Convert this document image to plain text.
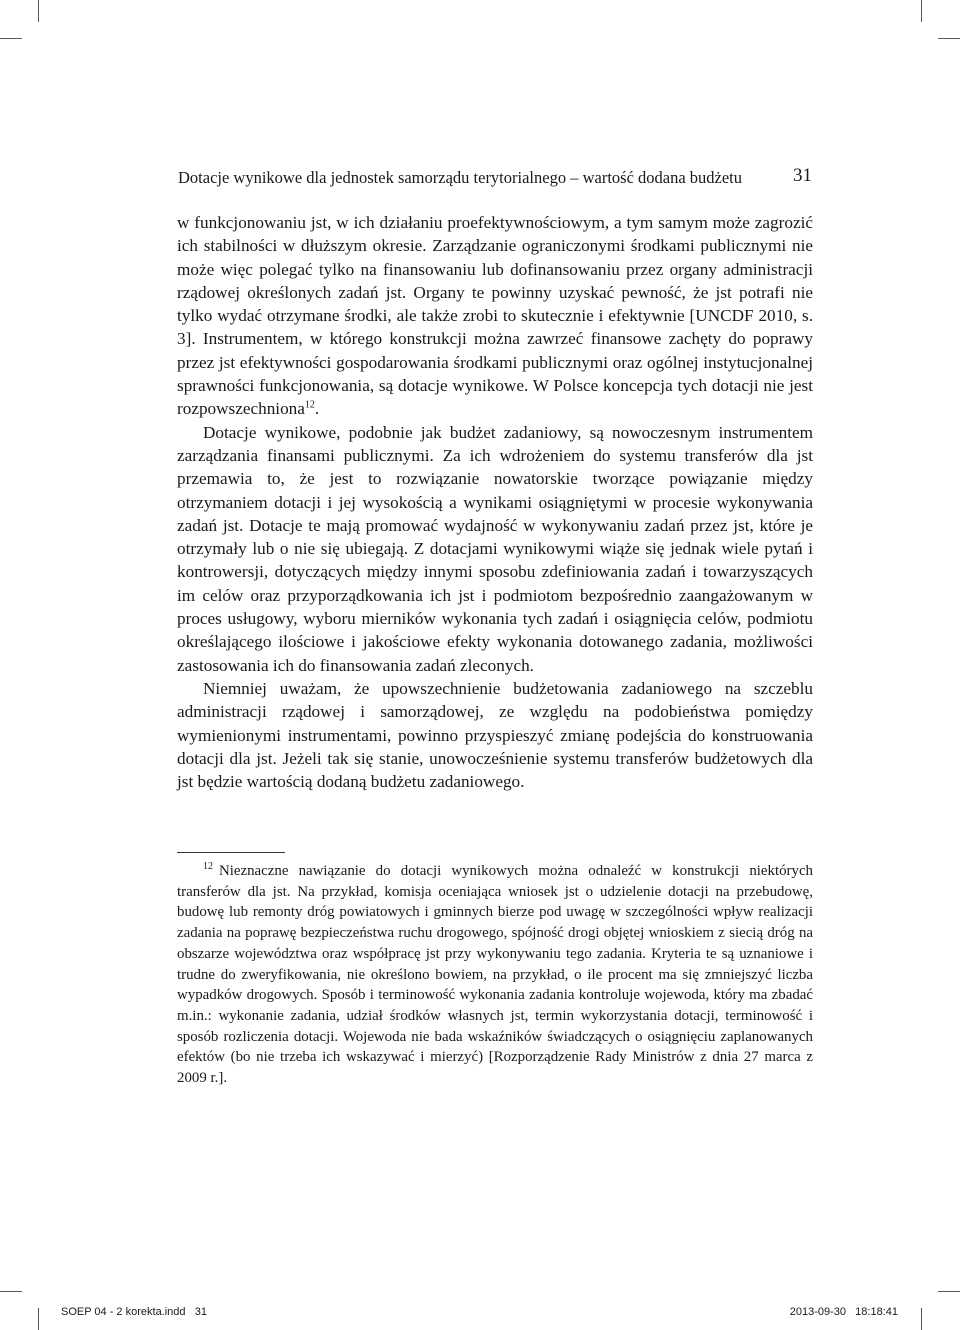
Dotacje wynikowe dla jednostek samorządu terytorialnego – wartość dodana budżetu	31

w funkcjonowaniu jst, w ich działaniu proefektywnościowym, a tym samym może zagrozić ich stabilności w dłuższym okresie. Zarządzanie ograniczonymi środkami publicznymi nie może więc polegać tylko na finansowaniu lub dofinansowaniu przez organy administracji rządowej określonych zadań jst. Organy te powinny uzyskać pewność, że jst potrafi nie tylko wydać otrzymane środki, ale także zrobi to skutecznie i efektywnie [UNCDF 2010, s. 3]. Instrumentem, w którego konstrukcji można zawrzeć finansowe zachęty do poprawy przez jst efektywności gospodarowania środkami publicznymi oraz ogólnej instytucjonalnej sprawności funkcjonowania, są dotacje wynikowe. W Polsce koncepcja tych dotacji nie jest rozpowszechniona$^{12}$.

Dotacje wynikowe, podobnie jak budżet zadaniowy, są nowoczesnym instrumentem zarządzania finansami publicznymi. Za ich wdrożeniem do systemu transferów dla jst przemawia to, że jest to rozwiązanie nowatorskie tworzące powiązanie między otrzymaniem dotacji i jej wysokością a wynikami osiągniętymi w procesie wykonywania zadań jst. Dotacje te mają promować wydajność w wykonywaniu zadań przez jst, które je otrzymały lub o nie się ubiegają. Z dotacjami wynikowymi wiąże się jednak wiele pytań i kontrowersji, dotyczących między innymi sposobu zdefiniowania zadań i towarzyszących im celów oraz przyporządkowania ich jst i podmiotom bezpośrednio zaangażowanym w proces usługowy, wyboru mierników wykonania tych zadań i osiągnięcia celów, podmiotu określającego ilościowe i jakościowe efekty wykonania dotowanego zadania, możliwości zastosowania ich do finansowania zadań zleconych.

Niemniej uważam, że upowszechnienie budżetowania zadaniowego na szczeblu administracji rządowej i samorządowej, ze względu na podobieństwa pomiędzy wymienionymi instrumentami, powinno przyspieszyć zmianę podejścia do konstruowania dotacji dla jst. Jeżeli tak się stanie, unowocześnienie systemu transferów budżetowych dla jst będzie wartością dodaną budżetu zadaniowego.

$^{12}$ Nieznaczne nawiązanie do dotacji wynikowych można odnaleźć w konstrukcji niektórych transferów dla jst. Na przykład, komisja oceniająca wniosek jst o udzielenie dotacji na przebudowę, budowę lub remonty dróg powiatowych i gminnych bierze pod uwagę w szczególności wpływ realizacji zadania na poprawę bezpieczeństwa ruchu drogowego, spójność drogi objętej wnioskiem z siecią dróg na obszarze województwa oraz współpracę jst przy wykonywaniu tego zadania. Kryteria te są uznaniowe i trudne do zweryfikowania, nie określono bowiem, na przykład, o ile procent ma się zmniejszyć liczba wypadków drogowych. Sposób i terminowość wykonania zadania kontroluje wojewoda, który ma zbadać m.in.: wykonanie zadania, udział środków własnych jst, termin wykorzystania dotacji, terminowość i sposób rozliczenia dotacji. Wojewoda nie bada wskaźników świadczących o osiągnięciu zaplanowanych efektów (bo nie trzeba ich wskazywać i mierzyć) [Rozporządzenie Rady Ministrów z dnia 27 marca z 2009 r.].

SOEP 04 - 2 korekta.indd   31	2013-09-30   18:18:41
